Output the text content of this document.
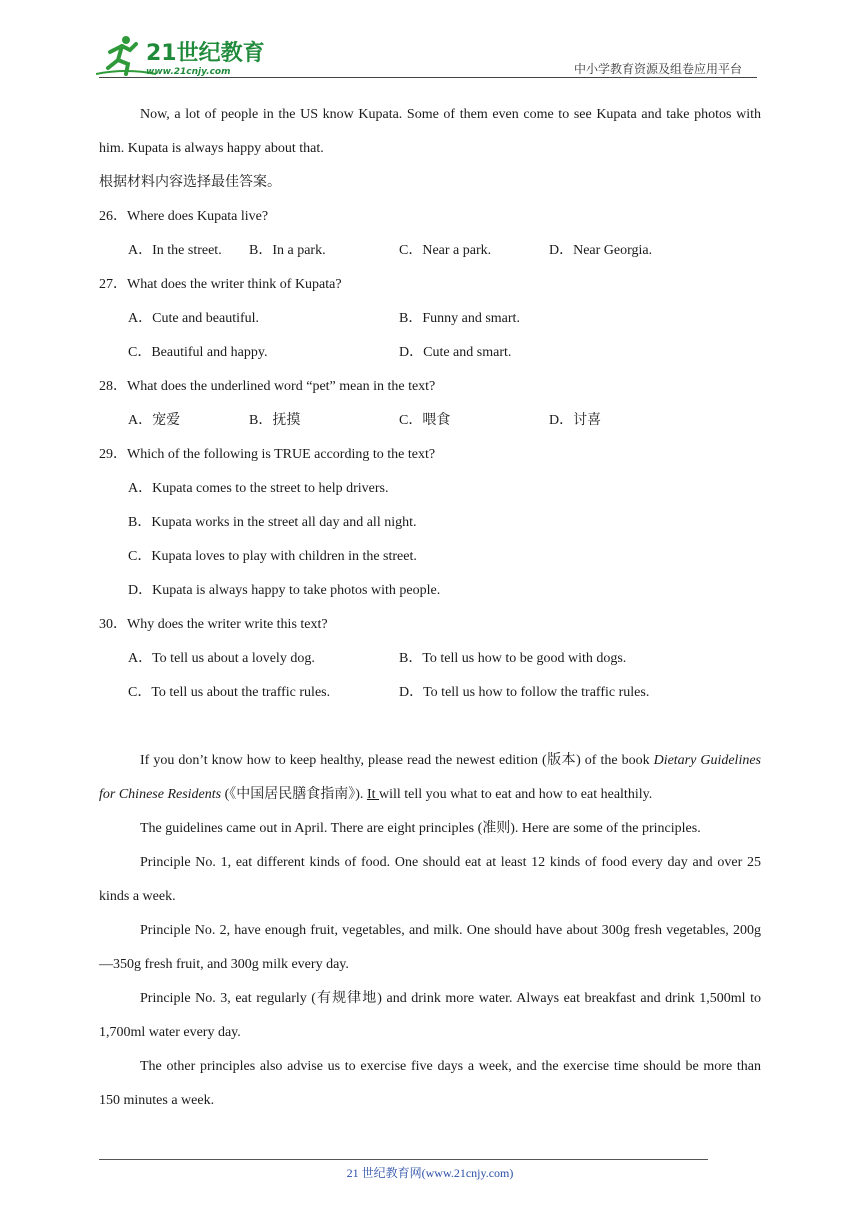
21世纪教育
www.21cnjy.com	中小学教育资源及组卷应用平台

Now, a lot of people in the US know Kupata. Some of them even come to see Kupata and take photos with him. Kupata is always happy about that.

根据材料内容选择最佳答案。

26．Where does Kupata live?

A．In the street. B．In a park.	C．Near a park.	D．Near Georgia.

27．What does the writer think of Kupata?

A．Cute and beautiful.	B．Funny and smart.
C．Beautiful and happy.	D．Cute and smart.

28．What does the underlined word “pet” mean in the text?

A．宠爱	B．抚摸	C．喂食	D．讨喜

29．Which of the following is TRUE according to the text?

A．Kupata comes to the street to help drivers.
B．Kupata works in the street all day and all night.
C．Kupata loves to play with children in the street.
D．Kupata is always happy to take photos with people.

30．Why does the writer write this text?

A．To tell us about a lovely dog.	B．To tell us how to be good with dogs.
C．To tell us about the traffic rules.	D．To tell us how to follow the traffic rules.

If you don’t know how to keep healthy, please read the newest edition (版本) of the book Dietary Guidelines for Chinese Residents (《中国居民膳食指南》). It will tell you what to eat and how to eat healthily.

The guidelines came out in April. There are eight principles (准则). Here are some of the principles.

Principle No. 1, eat different kinds of food. One should eat at least 12 kinds of food every day and over 25 kinds a week.

Principle No. 2, have enough fruit, vegetables, and milk. One should have about 300g fresh vegetables, 200g—350g fresh fruit, and 300g milk every day.

Principle No. 3, eat regularly (有规律地) and drink more water. Always eat breakfast and drink 1,500ml to 1,700ml water every day.

The other principles also advise us to exercise five days a week, and the exercise time should be more than 150 minutes a week.

21 世纪教育网(www.21cnjy.com)
